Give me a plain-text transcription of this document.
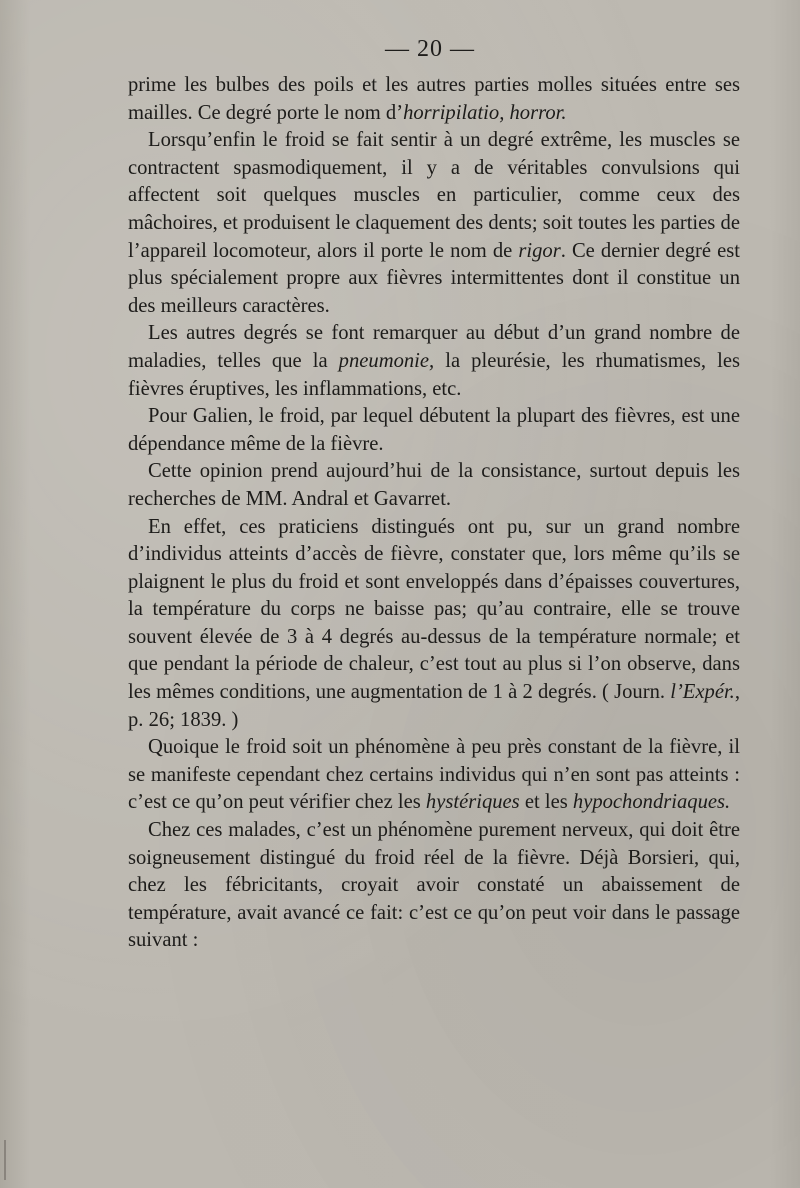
— 20 —

prime les bulbes des poils et les autres parties molles situées entre ses mailles. Ce degré porte le nom d’horripilatio, horror.

Lorsqu’enfin le froid se fait sentir à un degré extrême, les muscles se contractent spasmodiquement, il y a de véritables convulsions qui affectent soit quelques muscles en particulier, comme ceux des mâchoires, et produisent le claquement des dents; soit toutes les parties de l’appareil locomoteur, alors il porte le nom de rigor. Ce dernier degré est plus spécialement propre aux fièvres intermittentes dont il constitue un des meilleurs caractères.

Les autres degrés se font remarquer au début d’un grand nombre de maladies, telles que la pneumonie, la pleurésie, les rhumatismes, les fièvres éruptives, les inflammations, etc.

Pour Galien, le froid, par lequel débutent la plupart des fièvres, est une dépendance même de la fièvre.

Cette opinion prend aujourd’hui de la consistance, surtout depuis les recherches de MM. Andral et Gavarret.

En effet, ces praticiens distingués ont pu, sur un grand nombre d’individus atteints d’accès de fièvre, constater que, lors même qu’ils se plaignent le plus du froid et sont enveloppés dans d’épaisses couvertures, la température du corps ne baisse pas; qu’au contraire, elle se trouve souvent élevée de 3 à 4 degrés au-dessus de la température normale; et que pendant la période de chaleur, c’est tout au plus si l’on observe, dans les mêmes conditions, une augmentation de 1 à 2 degrés. ( Journ. l’Expér., p. 26; 1839. )

Quoique le froid soit un phénomène à peu près constant de la fièvre, il se manifeste cependant chez certains individus qui n’en sont pas atteints : c’est ce qu’on peut vérifier chez les hystériques et les hypochondriaques.

Chez ces malades, c’est un phénomène purement nerveux, qui doit être soigneusement distingué du froid réel de la fièvre. Déjà Borsieri, qui, chez les fébricitants, croyait avoir constaté un abaissement de température, avait avancé ce fait: c’est ce qu’on peut voir dans le passage suivant :
